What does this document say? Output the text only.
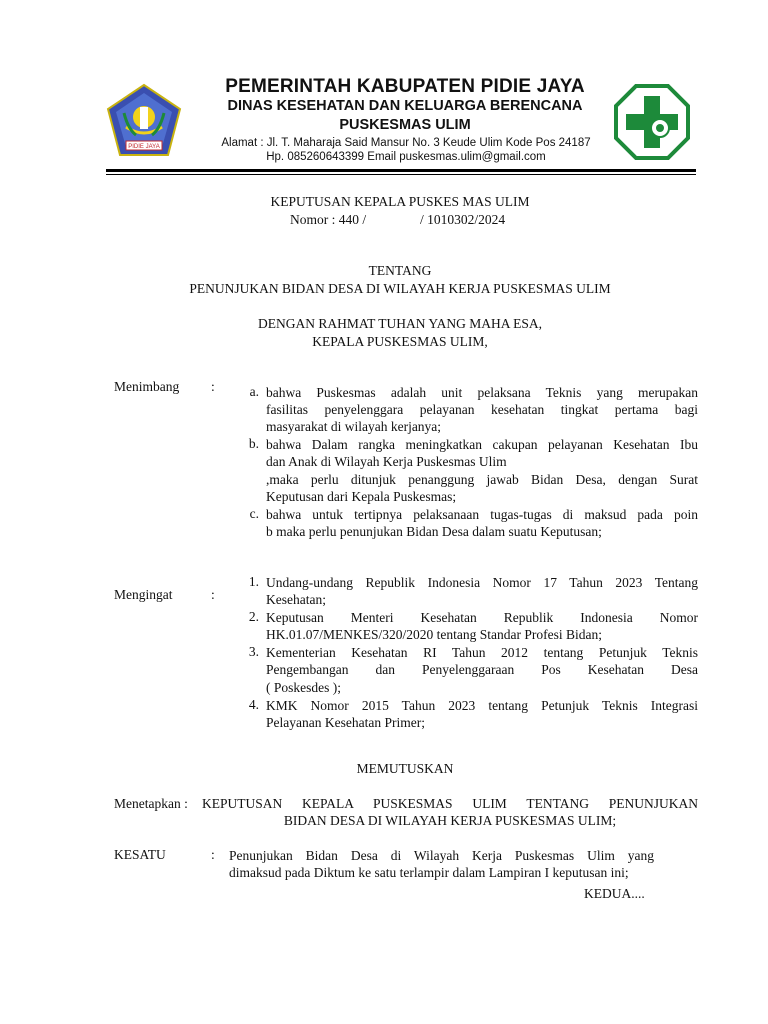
PIDIE JAYA
PEMERINTAH KABUPATEN PIDIE JAYA
DINAS KESEHATAN DAN KELUARGA BERENCANA
PUSKESMAS ULIM
Alamat : Jl. T. Maharaja Said Mansur No. 3 Keude Ulim Kode Pos 24187
Hp. 085260643399 Email puskesmas.ulim@gmail.com
KEPUTUSAN KEPALA PUSKES MAS ULIM
Nomor : 440 /	/ 1010302/2024
TENTANG
PENUNJUKAN BIDAN DESA DI WILAYAH KERJA PUSKESMAS ULIM
DENGAN RAHMAT TUHAN YANG MAHA ESA,
KEPALA PUSKESMAS ULIM,
Menimbang :	a. bahwa Puskesmas adalah unit pelaksana Teknis yang merupakan
fasilitas penyelenggara pelayanan kesehatan tingkat pertama bagi
masyarakat di wilayah kerjanya;
b. bahwa Dalam rangka meningkatkan cakupan pelayanan Kesehatan Ibu
dan Anak di Wilayah Kerja Puskesmas Ulim
,maka perlu ditunjuk penanggung jawab Bidan Desa, dengan Surat
Keputusan dari Kepala Puskesmas;
c. bahwa untuk tertipnya pelaksanaan tugas-tugas di maksud pada poin
b maka perlu penunjukan Bidan Desa dalam suatu Keputusan;
Mengingat	:
1. Undang-undang Republik Indonesia Nomor 17 Tahun 2023 Tentang
Kesehatan;
2. Keputusan Menteri Kesehatan Republik Indonesia Nomor
HK.01.07/MENKES/320/2020 tentang Standar Profesi Bidan;
3. Kementerian Kesehatan RI Tahun 2012 tentang Petunjuk Teknis
Pengembangan dan Penyelenggaraan Pos Kesehatan Desa
( Poskesdes );
4. KMK Nomor 2015 Tahun 2023 tentang Petunjuk Teknis Integrasi
Pelayanan Kesehatan Primer;
MEMUTUSKAN
Menetapkan : KEPUTUSAN KEPALA PUSKESMAS ULIM TENTANG PENUNJUKAN
BIDAN DESA DI WILAYAH KERJA PUSKESMAS ULIM;
KESATU	: Penunjukan Bidan Desa di Wilayah Kerja Puskesmas Ulim yang
dimaksud pada Diktum ke satu terlampir dalam Lampiran I keputusan ini;
KEDUA....
